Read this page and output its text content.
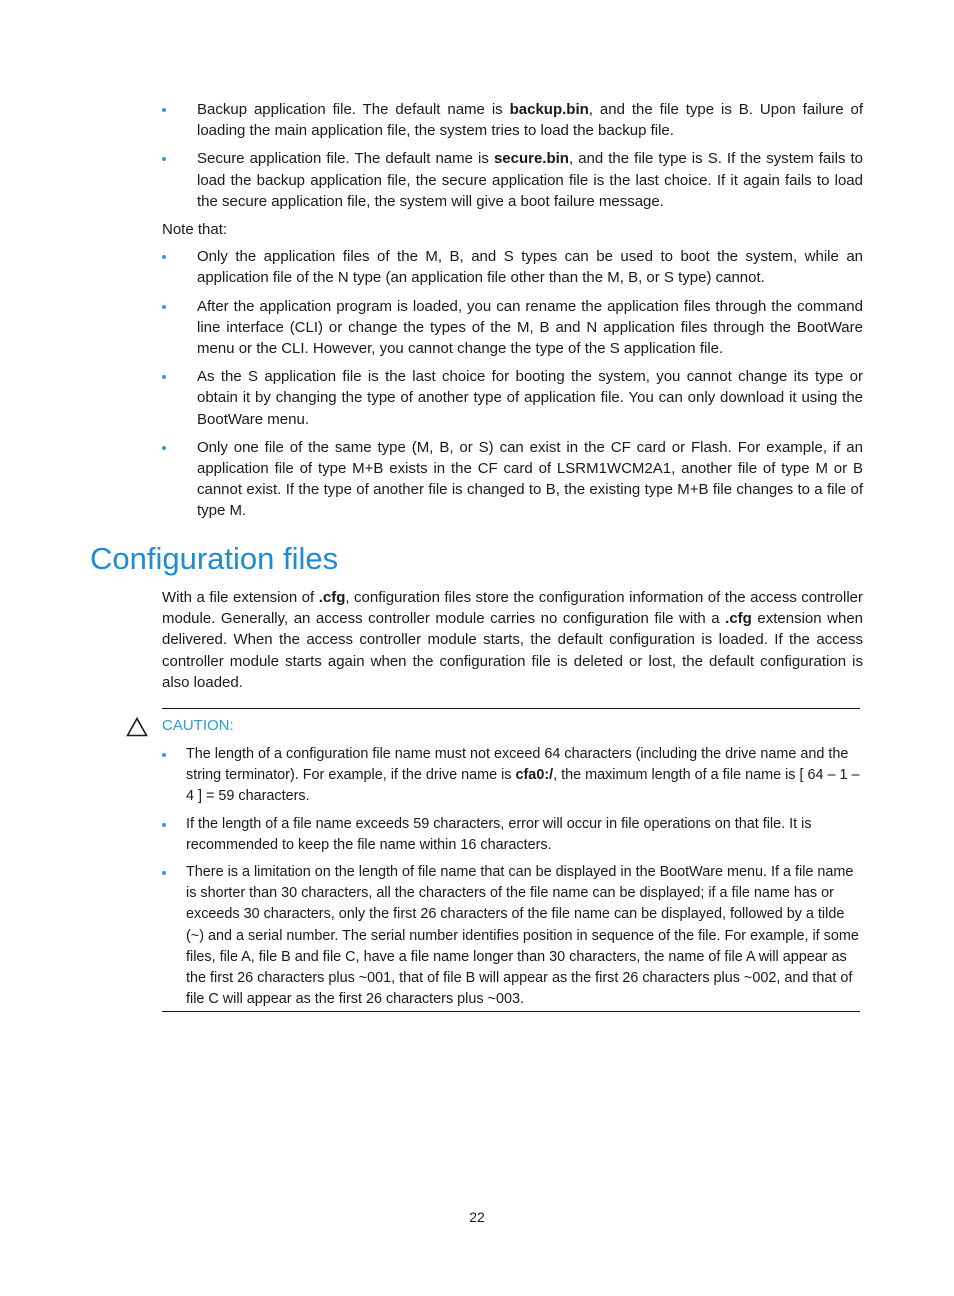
Backup application file. The default name is backup.bin, and the file type is B. Upon failure of loading the main application file, the system tries to load the backup file.
Secure application file. The default name is secure.bin, and the file type is S. If the system fails to load the backup application file, the secure application file is the last choice. If it again fails to load the secure application file, the system will give a boot failure message.

Note that:

Only the application files of the M, B, and S types can be used to boot the system, while an application file of the N type (an application file other than the M, B, or S type) cannot.
After the application program is loaded, you can rename the application files through the command line interface (CLI) or change the types of the M, B and N application files through the BootWare menu or the CLI. However, you cannot change the type of the S application file.
As the S application file is the last choice for booting the system, you cannot change its type or obtain it by changing the type of another type of application file. You can only download it using the BootWare menu.
Only one file of the same type (M, B, or S) can exist in the CF card or Flash. For example, if an application file of type M+B exists in the CF card of LSRM1WCM2A1, another file of type M or B cannot exist. If the type of another file is changed to B, the existing type M+B file changes to a file of type M.
Configuration files

With a file extension of .cfg, configuration files store the configuration information of the access controller module. Generally, an access controller module carries no configuration file with a .cfg extension when delivered. When the access controller module starts, the default configuration is loaded. If the access controller module starts again when the configuration file is deleted or lost, the default configuration is also loaded.

CAUTION:

The length of a configuration file name must not exceed 64 characters (including the drive name and the string terminator). For example, if the drive name is cfa0:/, the maximum length of a file name is [ 64 – 1 – 4 ] = 59 characters.
If the length of a file name exceeds 59 characters, error will occur in file operations on that file. It is recommended to keep the file name within 16 characters.
There is a limitation on the length of file name that can be displayed in the BootWare menu. If a file name is shorter than 30 characters, all the characters of the file name can be displayed; if a file name has or exceeds 30 characters, only the first 26 characters of the file name can be displayed, followed by a tilde (~) and a serial number. The serial number identifies position in sequence of the file. For example, if some files, file A, file B and file C, have a file name longer than 30 characters, the name of file A will appear as the first 26 characters plus ~001, that of file B will appear as the first 26 characters plus ~002, and that of file C will appear as the first 26 characters plus ~003.
22
